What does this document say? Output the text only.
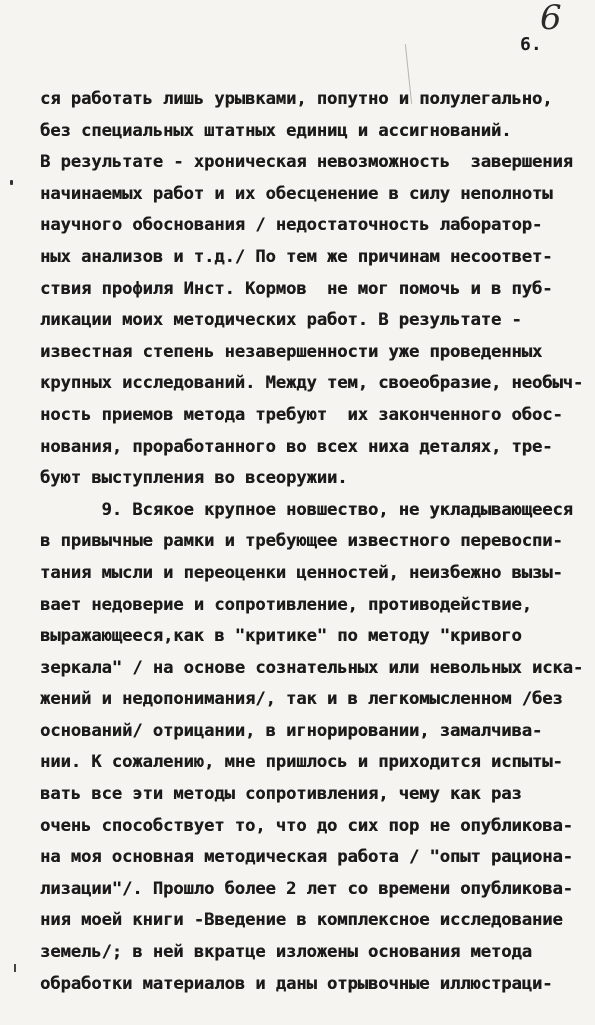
6
6.
ся работать лишь урывками, попутно и полулегально,
без специальных штатных единиц и ассигнований.
В результате - хроническая невозможность  завершения
начинаемых работ и их обесценение в силу неполноты
научного обоснования / недостаточность лаборатор-
ных анализов и т.д./ По тем же причинам несоответ-
ствия профиля Инст. Кормов  не мог помочь и в пуб-
ликации моих методических работ. В результате -
известная степень незавершенности уже проведенных
крупных исследований. Между тем, своеобразие, необыч-
ность приемов метода требуют  их законченного обос-
нования, проработанного во всех ниха деталях, тре-
буют выступления во всеоружии.
9. Всякое крупное новшество, не укладывающееся
в привычные рамки и требующее известного перевоспи-
тания мысли и переоценки ценностей, неизбежно вызы-
вает недоверие и сопротивление, противодействие,
выражающееся,как в "критике" по методу "кривого
зеркала" / на основе сознательных или невольных иска-
жений и недопонимания/, так и в легкомысленном /без
оснований/ отрицании, в игнорировании, замалчива-
нии. К сожалению, мне пришлось и приходится испыты-
вать все эти методы сопротивления, чему как раз
очень способствует то, что до сих пор не опубликова-
на моя основная методическая работа / "опыт рациона-
лизации"/. Прошло более 2 лет со времени опубликова-
ния моей книги -Введение в комплексное исследование
земель/; в ней вкратце изложены основания метода
обработки материалов и даны отрывочные иллюстраци-
